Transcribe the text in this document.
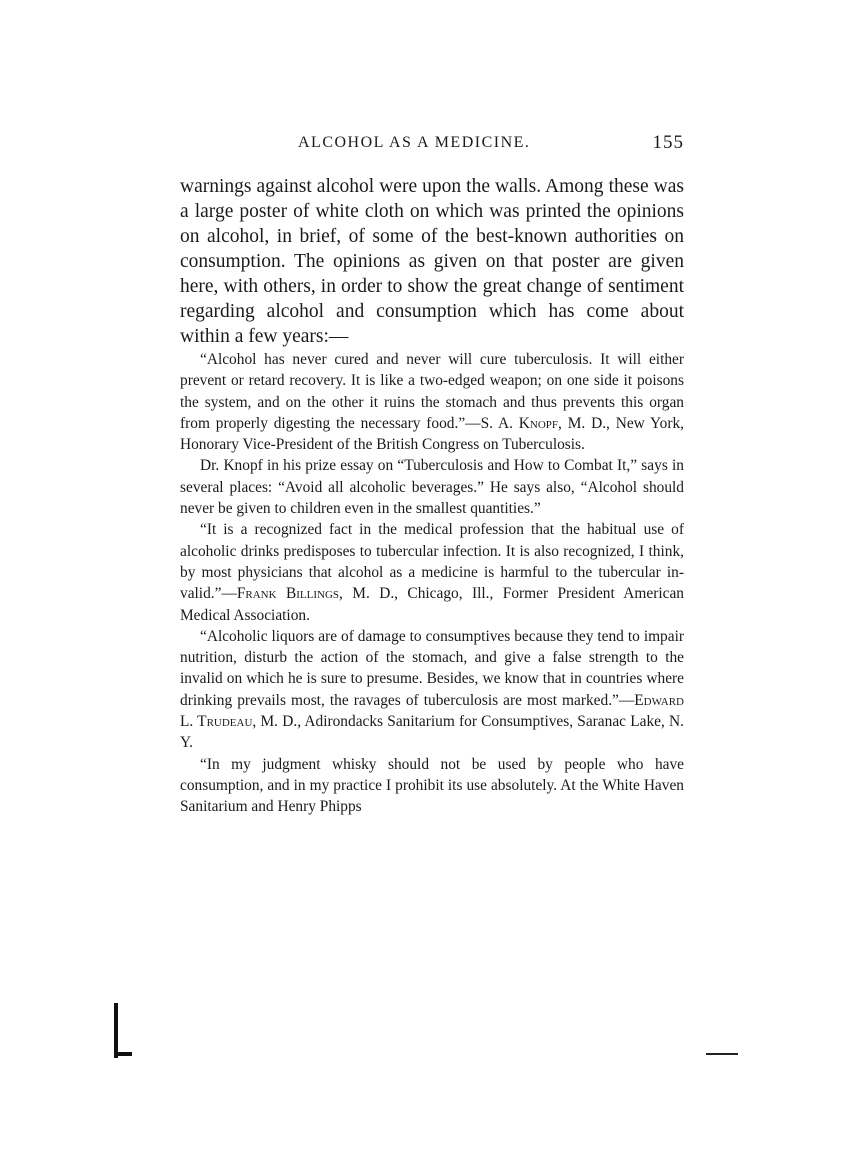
ALCOHOL AS A MEDICINE.	155

warnings against alcohol were upon the walls. Among these was a large poster of white cloth on which was printed the opinions on alcohol, in brief, of some of the best-known authorities on consumption. The opinions as given on that poster are given here, with others, in order to show the great change of sentiment regarding alcohol and consumption which has come about within a few years:—

“Alcohol has never cured and never will cure tuberculosis. It will either prevent or retard recovery. It is like a two-edged weapon; on one side it poisons the system, and on the other it ruins the stomach and thus prevents this organ from properly digesting the necessary food.”—S. A. Knopf, M. D., New York, Honorary Vice-President of the British Congress on Tuberculosis.

Dr. Knopf in his prize essay on “Tuberculosis and How to Combat It,” says in several places: “Avoid all alcoholic beverages.” He says also, “Alcohol should never be given to children even in the smallest quantities.”

“It is a recognized fact in the medical profession that the habitual use of alcoholic drinks predisposes to tubercular infection. It is also recognized, I think, by most physicians that alcohol as a medicine is harmful to the tubercular invalid.”—Frank Billings, M. D., Chicago, Ill., Former President American Medical Association.

“Alcoholic liquors are of damage to consumptives because they tend to impair nutrition, disturb the action of the stomach, and give a false strength to the invalid on which he is sure to presume. Besides, we know that in countries where drinking prevails most, the ravages of tuberculosis are most marked.”—Edward L. Trudeau, M. D., Adirondacks Sanitarium for Consumptives, Saranac Lake, N. Y.

“In my judgment whisky should not be used by people who have consumption, and in my practice I prohibit its use absolutely. At the White Haven Sanitarium and Henry Phipps
